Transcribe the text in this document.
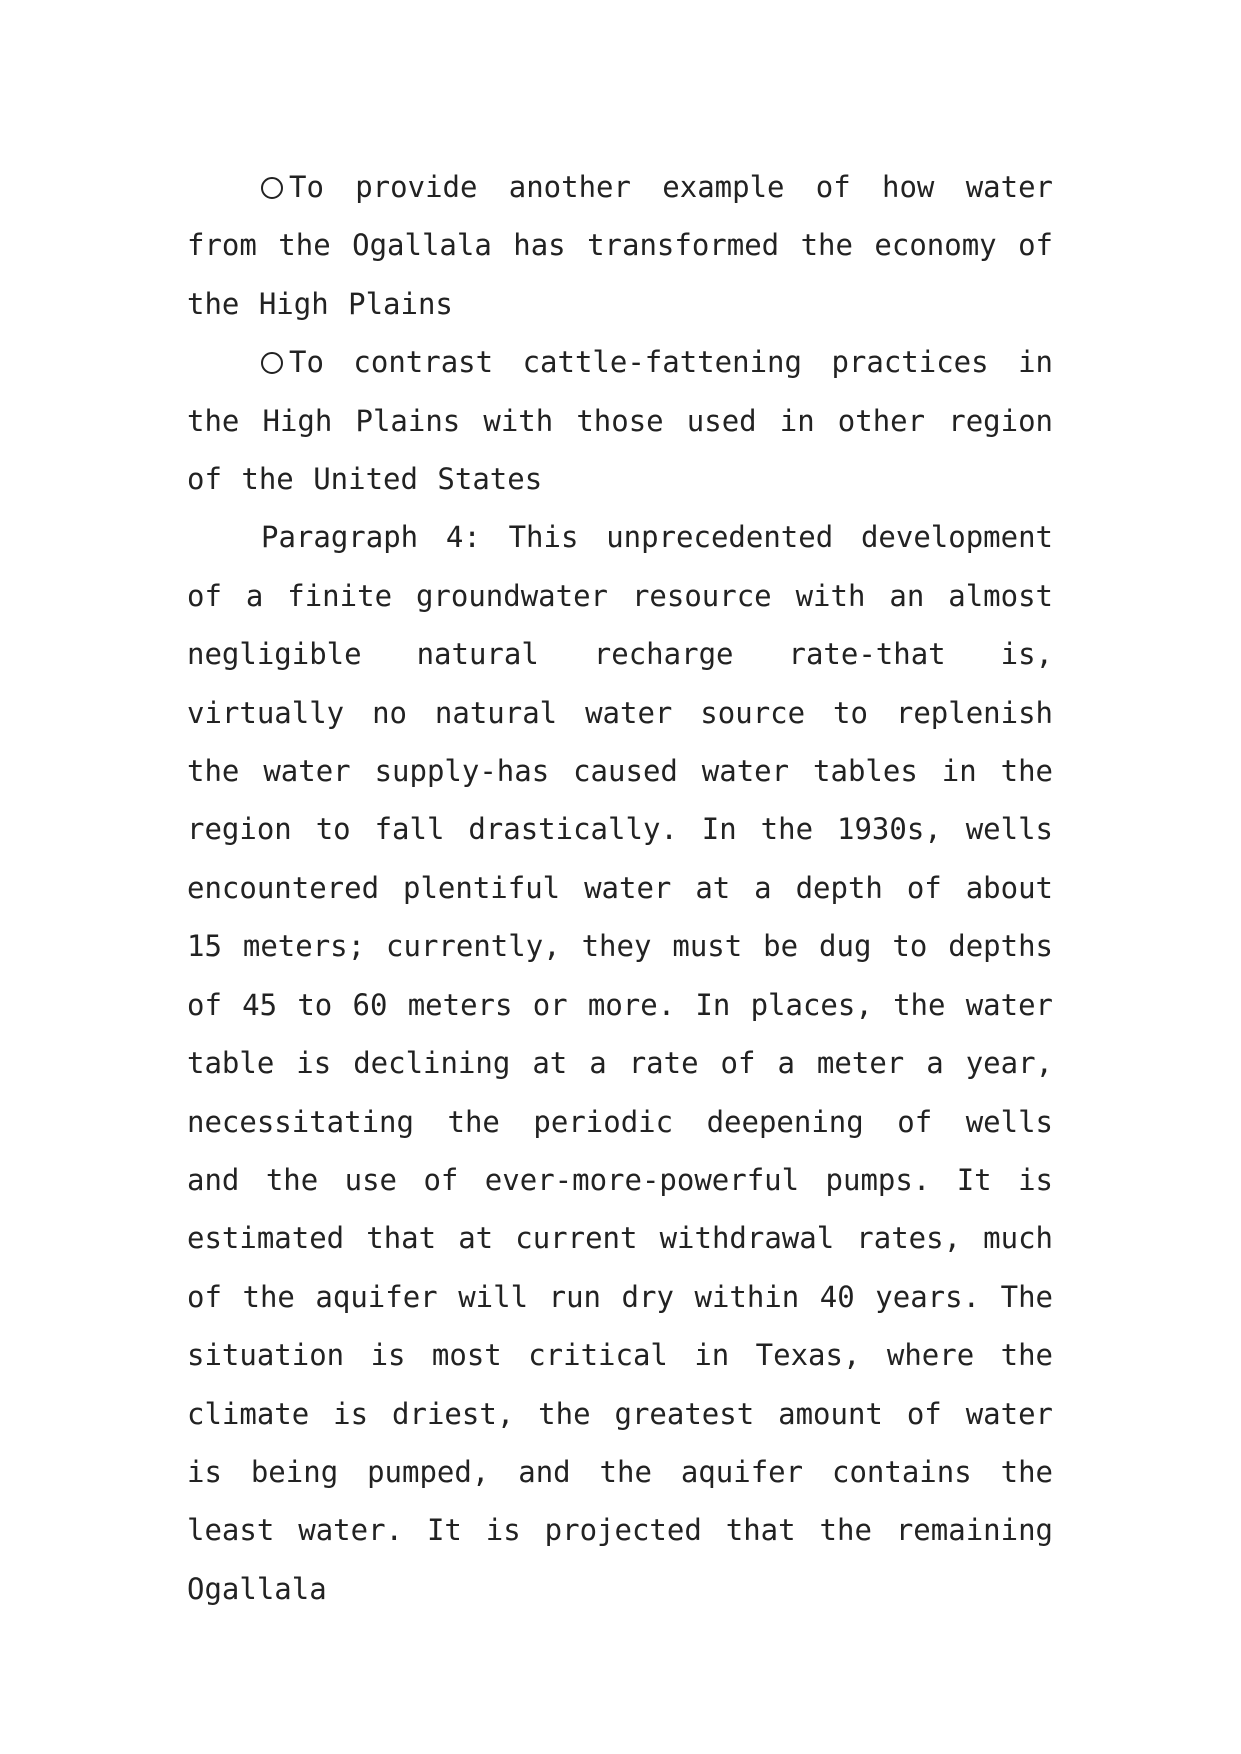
To provide another example of how water from the Ogallala has transformed the economy of the High Plains

To contrast cattle-fattening practices in the High Plains with those used in other region of the United States

Paragraph 4: This unprecedented development of a finite groundwater resource with an almost negligible natural recharge rate-that is, virtually no natural water source to replenish the water supply-has caused water tables in the region to fall drastically. In the 1930s, wells encountered plentiful water at a depth of about 15 meters; currently, they must be dug to depths of 45 to 60 meters or more. In places, the water table is declining at a rate of a meter a year, necessitating the periodic deepening of wells and the use of ever-more-powerful pumps. It is estimated that at current withdrawal rates, much of the aquifer will run dry within 40 years. The situation is most critical in Texas, where the climate is driest, the greatest amount of water is being pumped, and the aquifer contains the least water. It is projected that the remaining Ogallala
